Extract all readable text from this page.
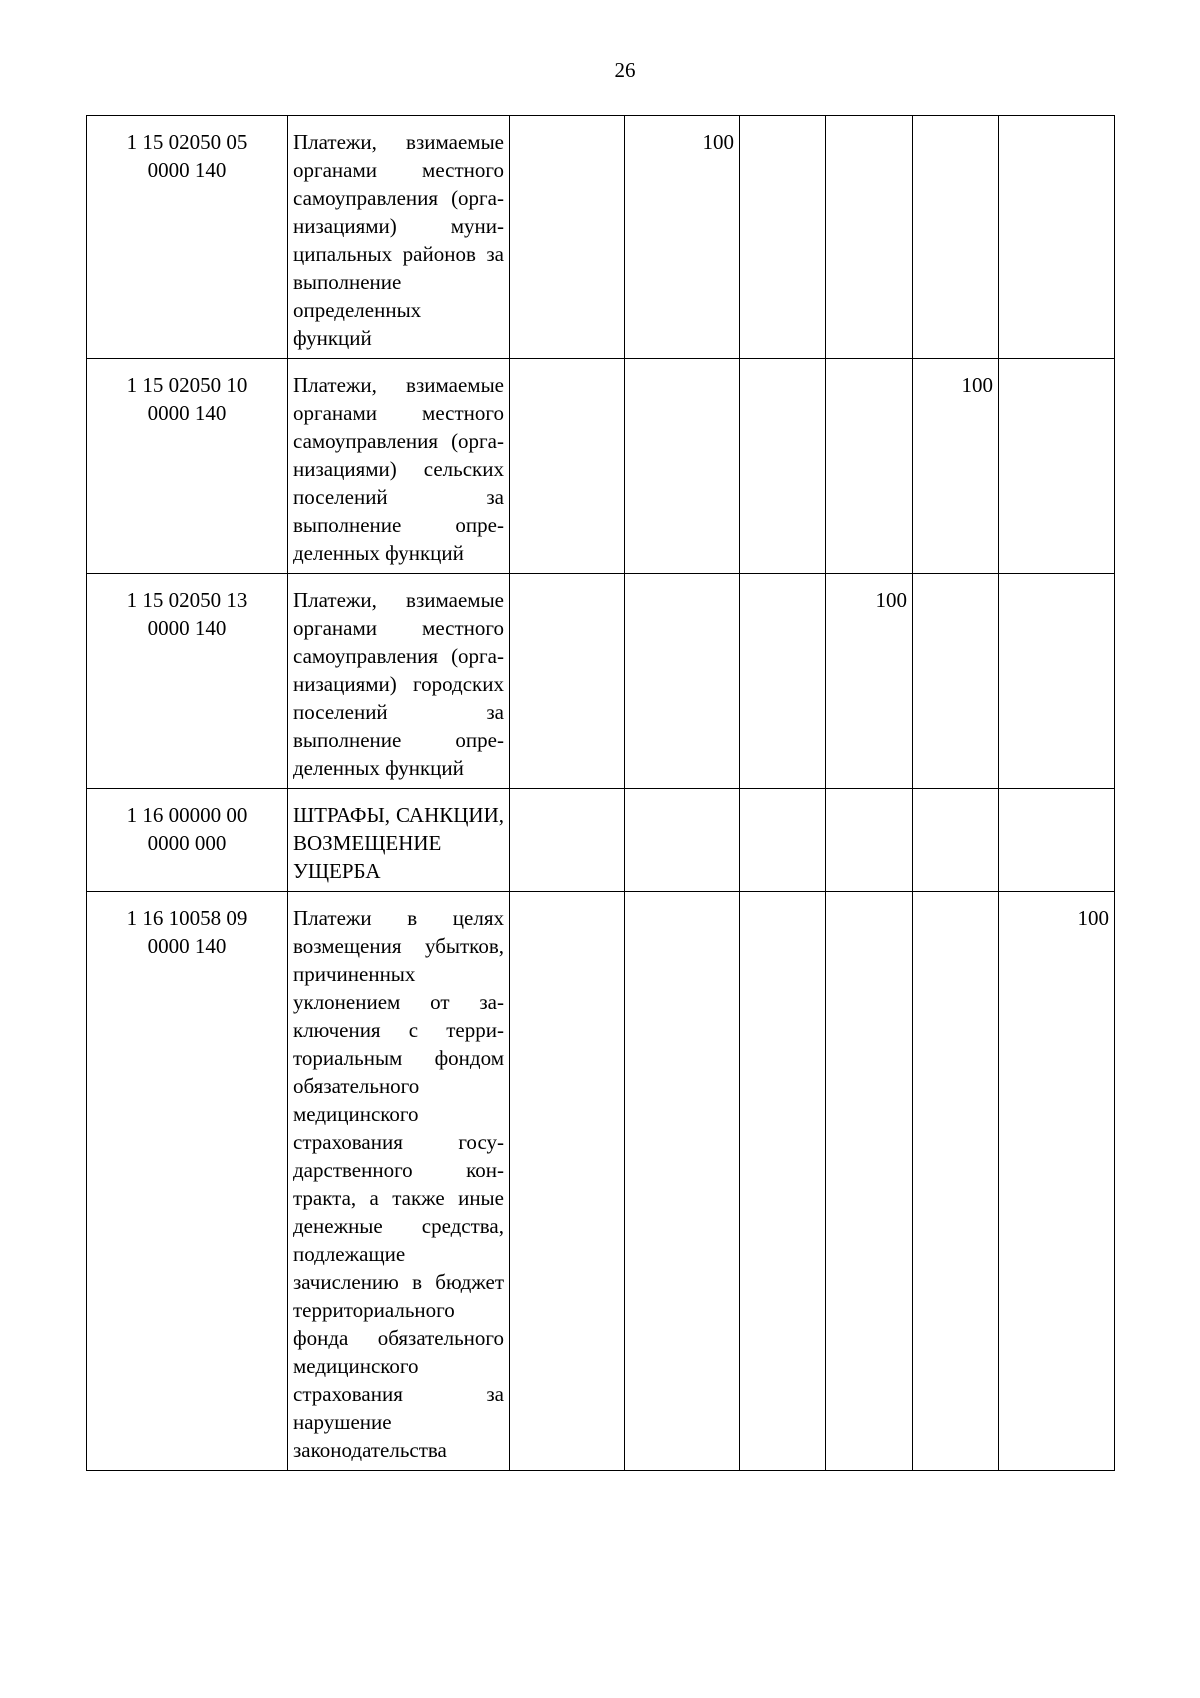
26
1 15 02050 05
0000 140	Платежи, взимаемые органами местного самоуправления (организациями) муниципальных районов за выполнение определенных функций		100				
1 15 02050 10
0000 140	Платежи, взимаемые органами местного самоуправления (организациями) сельских поселений за выполнение определенных функций					100	
1 15 02050 13
0000 140	Платежи, взимаемые органами местного самоуправления (организациями) городских поселений за выполнение определенных функций				100		
1 16 00000 00
0000 000	ШТРАФЫ, САНКЦИИ, ВОЗМЕЩЕНИЕ УЩЕРБА						
1 16 10058 09
0000 140	Платежи в целях возмещения убытков, причиненных уклонением от заключения с территориальным фондом обязательного медицинского страхования государственного контракта, а также иные денежные средства, подлежащие зачислению в бюджет территориального фонда обязательного медицинского страхования за нарушение законодательства						100
